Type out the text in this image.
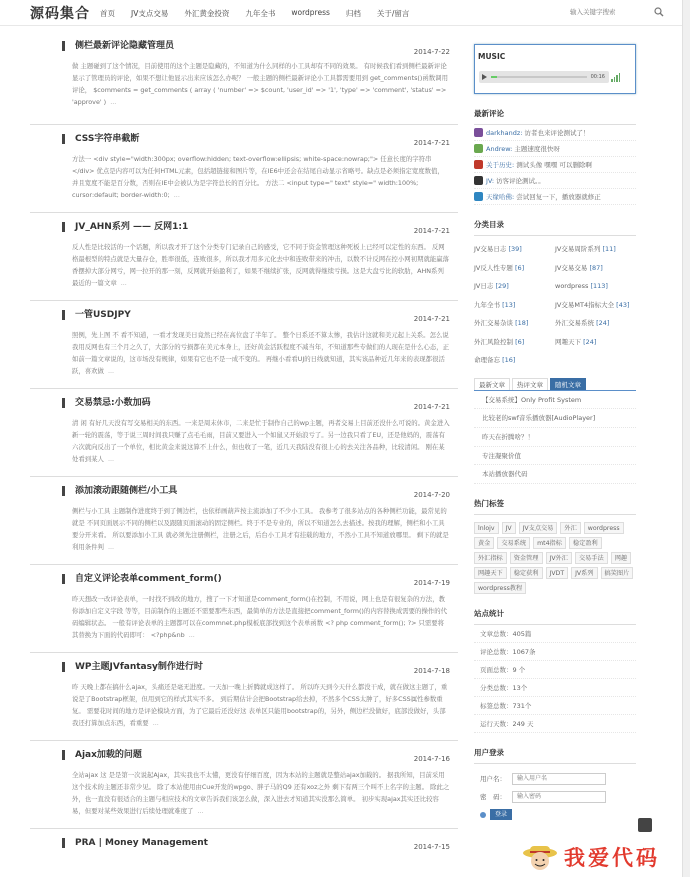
源码集合 首页 JV支点交易 外汇黄金投资 九年全书 wordpress 归档 关于/留言
输入关键字搜索
侧栏最新评论隐藏管理员
2014-7-22
做 主题碰到了这个情况，目前使用的这个主题是隐藏的，不知道为什么同样的小工具却有不同的效果。 有时候我们看到侧栏最新评论显示了管理员的评论，如果不想让他显示出来应该怎么办呢？ 一般主题的侧栏最新评论小工具都需要用到 get_comments()函数调用评论， $comments = get_comments ( array ( 'number' => $count, 'user_id' => '1', 'type' => 'comment', 'status' => 'approve' ) ...
CSS字符串截断	2014-7-21
方法一 <div style="width:300px; overflow:hidden; text-overflow:ellipsis; white-space:nowrap;"> 任意长度的字符串 </div> 优点是内容可以为任何HTML元素，包括超链接和图片等，在IE6中还会在结尾自动显示省略号。缺点是必须指定宽度数值，并且宽度不能是百分数，否则在IE中会被认为是字符总长的百分比。 方法二 <input type=" text" style=" width:100%; cursor:default; border-width:0; ...
JV_AHN系列 —— 反网1:1	2014-7-21
反人性是比较活的一个话题，所以我才开了这个分类专门记录自己的感受，它不同于资金管理这种死板上已经可以定性的东西。 反网格最根型的特点就是大量存仓，胜率很低，连败很多，所以我才用多元化去中和连败带来的冲击，以数不计反网在控小网初期就能赢落香摆掉大部分网亏，网一拉开的那一刻，反网就开始盈利了，如果不继续扩张，反网就得继续亏损。这是大盘亏比的软肋，AHN系列最近的一篇文章 ...
一管USDJPY	2014-7-21
照例，先上图 不 看不知道，一看才发现美日竟然已经在高位盘了半年了。 整个日系还不算太惨，我估计这就和美元起上关系。怎么说我用反网也有三个月之久了，大部分的亏损都在美元本身上，还好黄金活跃程度不减当年，不知道那些专做们的人现在是什么心态，正如前一篇文章说的，这市场没有规律，如果有它也不是一成不变的。 再继小看看UJ的日线就知道，其实该品种近几年来的表现都很活跃，喜欢做 ...
交易禁忌:小数加码	2014-7-21
清 闲 有好几天没有写交易相关的东西。一来是周末休市，二来是忙于制作自己的wp主题，再者交易上目前还没什么可说的。黄金进入新一轮的震荡，等于说三周时间我只赚了点毛毛雨，目前又要进入一个如鼠又开始浪亏了。另一边我只看了EU，还是他妈的，震荡有六次就向反出了一个单位，相比黄金来说这算不上什么，但也收了一笔，近几天我陆没有很上心的去关注各品种，比较清闲。 刚在某处看到某人 ...
添加滚动跟随侧栏/小工具	2014-7-20
侧栏与小工具 主题制作进度终于到了侧边栏，也依样画葫芦按主流添加了不少小工具。 我参考了很多站点的各种侧栏功能，最常见的就是 不同页面展示不同的侧栏以及跟随页面滚动的固定侧栏。终于不是专业的，所以不知道怎么去描述。按我的理解，侧栏和小工具要分开来看。 所以要添加小工具 就必须先注册侧栏，注册之后，后台小工具才有挂载的地方，不然小工具不知道放哪里。 剩下的就是利用条件判 ...
自定义评论表单comment_form()	2014-7-19
昨天想改一改评论表单，一时找不到改的地方，搜了一下才知道是comment_form()在控制，不用说，网上也是有很复杂的方法，教你添加自定义字段 等等，目前制作的主题还不需要那些东西，最简单的方法是直接把comment_form()的内容替换成需要的操作的代码编辑状态。 一般有评论表单的主题都可以在commnet.php模板底部找到这个表单函数 <? php comment_form(); ?> 只需要将其替换为下面的代码即可： <?php&nb ...
WP主题JVfantasy制作进行时	2014-7-18
昨 天晚上都在搞什么ajax，头痛还是毫无进度。一天加一晚上折腾就成这样了。 所以昨天到今天什么都没干成，就在做这主题了，重说是了Bootstrap框架，但用到它的样式其实不多。 到后期估计会把Bootstrap给去掉，不然多个CSS太肿了，好多CSS属性参数重复。 需要花时间的地方是评论模块方面，为了它最后还没好这 表单区只能用bootstrap的，另外，侧边栏没做好，底部没做好，头部我还打算加点东西，看重要 ...
Ajax加载的问题	2014-7-16
全站ajax 这 是是第一次说起Ajax，其实我也不太懂，更没有仔细百度，因为本站的主题就是整站ajax加载的。 据我所知，目前采用这个技术的主题还非常少见。 除了本站使用由Cue开发的wpgo、胖子马的Q9 还有xoz之外 剩下有两三个叫不上名字的主题。 除此之外，也一直没有很适合的主题与相应技术的文章告诉我们该怎么做，深入进去才知道其实没那么简单。 初步实现ajax其实还比较容易，但要对某些效果进行后续处理就难度了 ...
PRA | Money Management	2014-7-15
MUSIC
00:16
最新评论
darkhandz: 访者也来评论测试了！
Andrew: 主题速度很快呀
关于历史: 测试头像 嘿嘿 可以删除啊
JV: 访客评论测试。。
天缘哈佛: 尝试回复一下，播放器就修正
分类目录
JV交易日志 [39]	JV交易周阶系列 [11]
JV反人性专题 [6]	JV交易交易 [87]
JV日志 [29]	wordpress [113]
九年全书 [13]	JV交易MT4指标大全 [43]
外汇交易杂谈 [18]	外汇交易系统 [24]
外汇风险控制 [6]	网趣天下 [24]
命理备忘 [16]
最新文章	热评文章	随机文章
【交易系统】Only Profit System
比较老的swf音乐播放器[AudioPlayer]
昨天在折腾啥？！
专注凝聚价值
本站播放器代码
热门标签
lnlojv	JV	JV支点交易	外汇	wordpress
黄金	交易系统	mt4指标	稳定盈利
外汇指标	资金管理	JV外汇	交易手法	网趣
网趣天下	稳定获利	JVDT	JV系列	搞笑图片
wordpress教程
站点统计
文章总数：405篇
评论总数：1067条
页面总数：9 个
分类总数：13个
标签总数：731个
运行天数：249 天
用户登录
用户名：
输入用户名
密　码：
输入密码
登录
我爱代码
